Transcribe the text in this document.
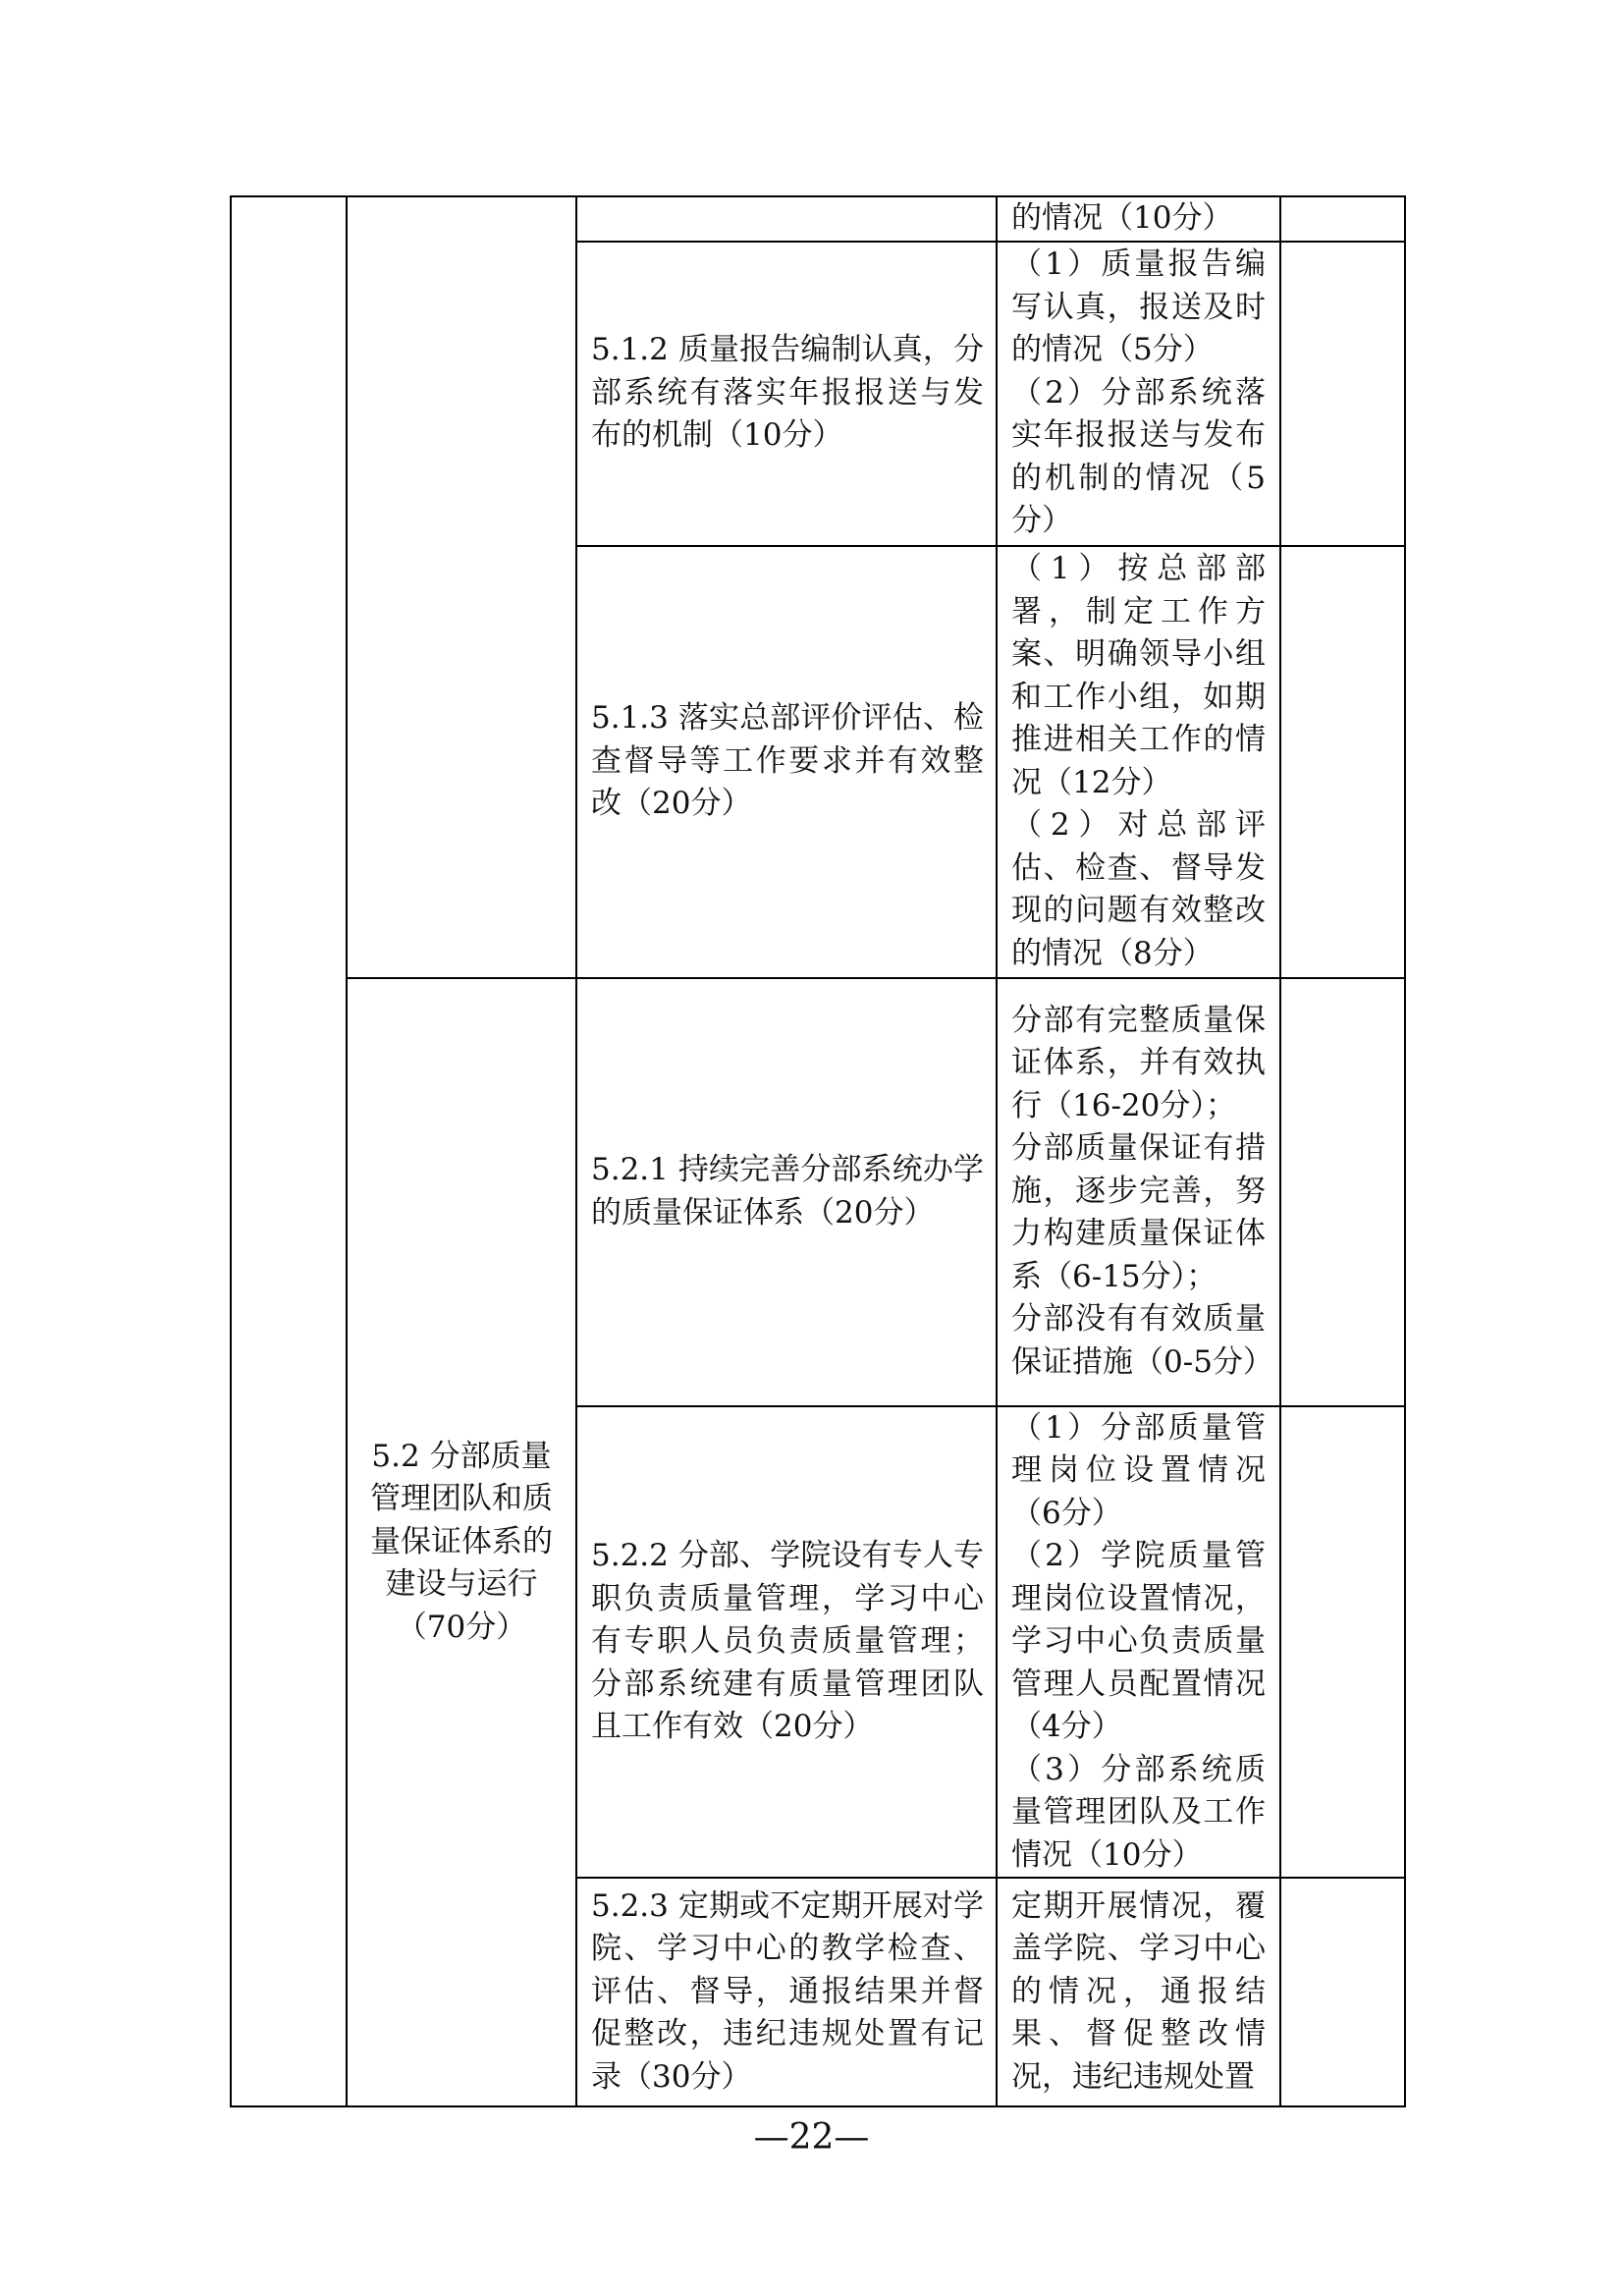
			的情况（10分）	

		5.1.2 质量报告编制认真，分部系统有落实年报报送与发布的机制（10分）	（1）质量报告编写认真，报送及时的情况（5分）
（2）分部系统落实年报报送与发布的机制的情况（5分）	

		5.1.3 落实总部评价评估、检查督导等工作要求并有效整改（20分）	（1）按总部部署，制定工作方案、明确领导小组和工作小组，如期推进相关工作的情况（12分）
（2）对总部评估、检查、督导发现的问题有效整改的情况（8分）	

	5.2 分部质量管理团队和质量保证体系的建设与运行（70分）	5.2.1 持续完善分部系统办学的质量保证体系（20分）	分部有完整质量保证体系，并有效执行（16-20分）；
分部质量保证有措施，逐步完善，努力构建质量保证体系（6-15分）；
分部没有有效质量保证措施（0-5分）	

		5.2.2 分部、学院设有专人专职负责质量管理，学习中心有专职人员负责质量管理；分部系统建有质量管理团队且工作有效（20分）	（1）分部质量管理岗位设置情况（6分）
（2）学院质量管理岗位设置情况，学习中心负责质量管理人员配置情况（4分）
（3）分部系统质量管理团队及工作情况（10分）	

		5.2.3 定期或不定期开展对学院、学习中心的教学检查、评估、督导，通报结果并督促整改，违纪违规处置有记录（30分）	定期开展情况，覆盖学院、学习中心的情况，通报结果、督促整改情况，违纪违规处置	

—22—
